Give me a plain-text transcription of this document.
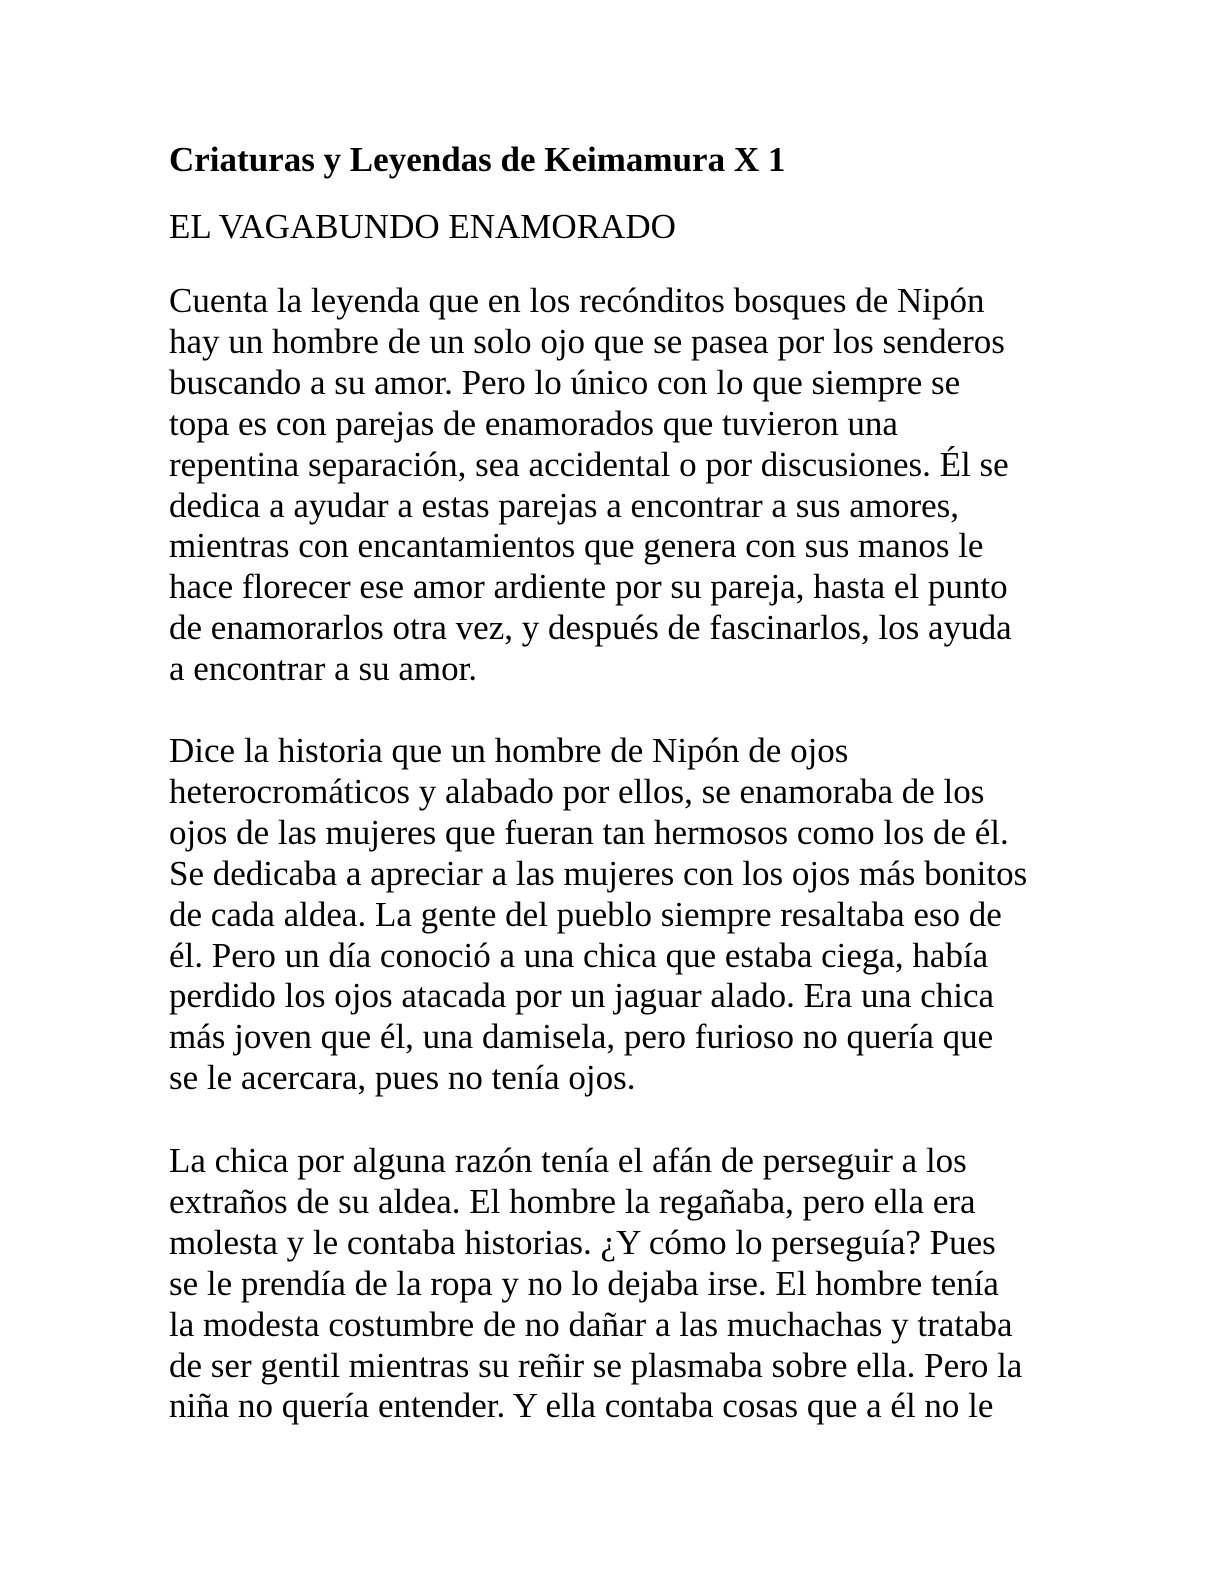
Criaturas y Leyendas de Keimamura X 1
EL VAGABUNDO ENAMORADO

Cuenta la leyenda que en los recónditos bosques de Nipón
hay un hombre de un solo ojo que se pasea por los senderos
buscando a su amor. Pero lo único con lo que siempre se
topa es con parejas de enamorados que tuvieron una
repentina separación, sea accidental o por discusiones. Él se
dedica a ayudar a estas parejas a encontrar a sus amores,
mientras con encantamientos que genera con sus manos le
hace florecer ese amor ardiente por su pareja, hasta el punto
de enamorarlos otra vez, y después de fascinarlos, los ayuda
a encontrar a su amor.

Dice la historia que un hombre de Nipón de ojos
heterocromáticos y alabado por ellos, se enamoraba de los
ojos de las mujeres que fueran tan hermosos como los de él.
Se dedicaba a apreciar a las mujeres con los ojos más bonitos
de cada aldea. La gente del pueblo siempre resaltaba eso de
él. Pero un día conoció a una chica que estaba ciega, había
perdido los ojos atacada por un jaguar alado. Era una chica
más joven que él, una damisela, pero furioso no quería que
se le acercara, pues no tenía ojos.

La chica por alguna razón tenía el afán de perseguir a los
extraños de su aldea. El hombre la regañaba, pero ella era
molesta y le contaba historias. ¿Y cómo lo perseguía? Pues
se le prendía de la ropa y no lo dejaba irse. El hombre tenía
la modesta costumbre de no dañar a las muchachas y trataba
de ser gentil mientras su reñir se plasmaba sobre ella. Pero la
niña no quería entender. Y ella contaba cosas que a él no le
